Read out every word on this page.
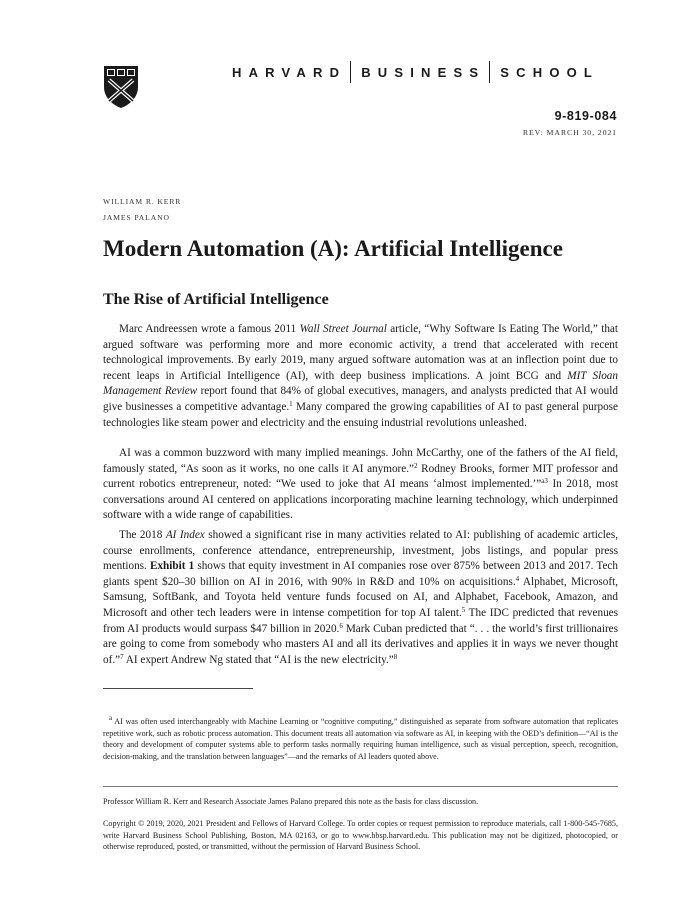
HARVARD BUSINESS SCHOOL
9-819-084
REV: MARCH 30, 2021
WILLIAM R. KERR
JAMES PALANO
Modern Automation (A): Artificial Intelligence
The Rise of Artificial Intelligence

Marc Andreessen wrote a famous 2011 Wall Street Journal article, “Why Software Is Eating The World,” that argued software was performing more and more economic activity, a trend that accelerated with recent technological improvements. By early 2019, many argued software automation was at an inflection point due to recent leaps in Artificial Intelligence (AI), with deep business implications. A joint BCG and MIT Sloan Management Review report found that 84% of global executives, managers, and analysts predicted that AI would give businesses a competitive advantage.$^1$ Many compared the growing capabilities of AI to past general purpose technologies like steam power and electricity and the ensuing industrial revolutions unleashed.

AI was a common buzzword with many implied meanings. John McCarthy, one of the fathers of the AI field, famously stated, “As soon as it works, no one calls it AI anymore.”$^2$ Rodney Brooks, former MIT professor and current robotics entrepreneur, noted: “We used to joke that AI means ‘almost implemented.’”$^{a3}$ In 2018, most conversations around AI centered on applications incorporating machine learning technology, which underpinned software with a wide range of capabilities.

The 2018 AI Index showed a significant rise in many activities related to AI: publishing of academic articles, course enrollments, conference attendance, entrepreneurship, investment, jobs listings, and popular press mentions. Exhibit 1 shows that equity investment in AI companies rose over 875% between 2013 and 2017. Tech giants spent $20–30 billion on AI in 2016, with 90% in R&D and 10% on acquisitions.$^4$ Alphabet, Microsoft, Samsung, SoftBank, and Toyota held venture funds focused on AI, and Alphabet, Facebook, Amazon, and Microsoft and other tech leaders were in intense competition for top AI talent.$^5$ The IDC predicted that revenues from AI products would surpass $47 billion in 2020.$^6$ Mark Cuban predicted that “. . . the world’s first trillionaires are going to come from somebody who masters AI and all its derivatives and applies it in ways we never thought of.”$^7$ AI expert Andrew Ng stated that “AI is the new electricity.”$^8$

$^a$ AI was often used interchangeably with Machine Learning or “cognitive computing,” distinguished as separate from software automation that replicates repetitive work, such as robotic process automation. This document treats all automation via software as AI, in keeping with the OED’s definition—“AI is the theory and development of computer systems able to perform tasks normally requiring human intelligence, such as visual perception, speech, recognition, decision-making, and the translation between languages”—and the remarks of AI leaders quoted above.

Professor William R. Kerr and Research Associate James Palano prepared this note as the basis for class discussion.
Copyright © 2019, 2020, 2021 President and Fellows of Harvard College. To order copies or request permission to reproduce materials, call 1-800-545-7685, write Harvard Business School Publishing, Boston, MA 02163, or go to www.hbsp.harvard.edu. This publication may not be digitized, photocopied, or otherwise reproduced, posted, or transmitted, without the permission of Harvard Business School.
